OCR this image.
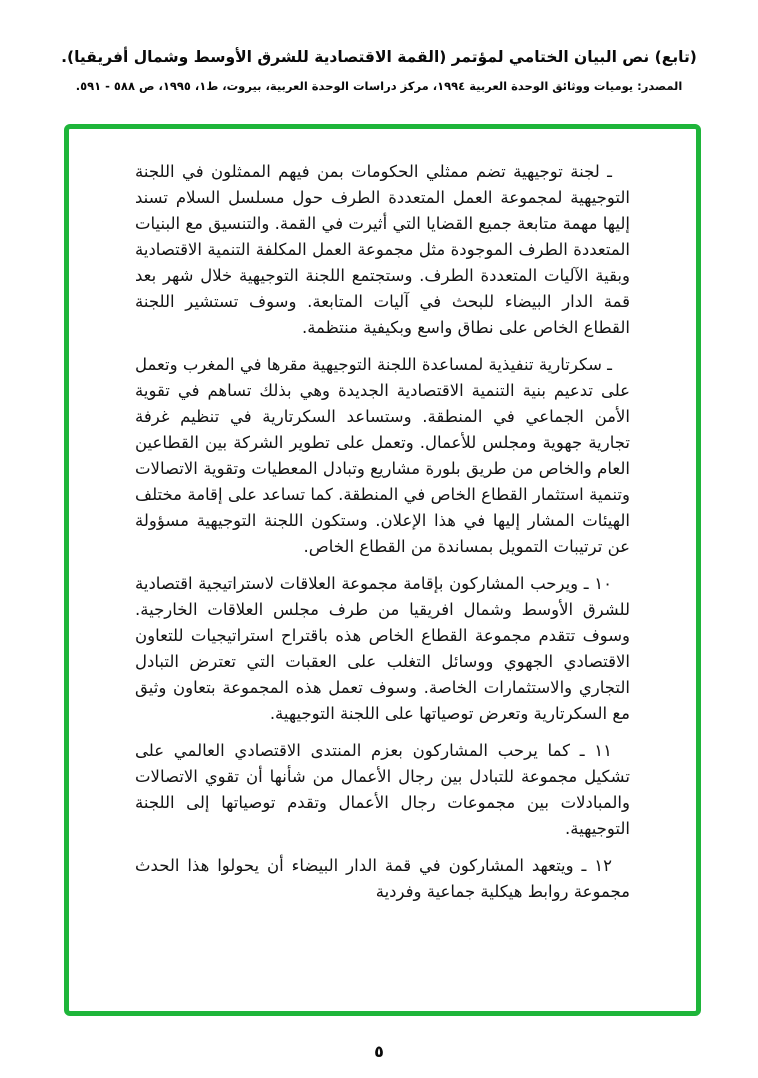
(تابع) نص البيان الختامي لمؤتمر (القمة الاقتصادية للشرق الأوسط وشمال أفريقيا).
المصدر: يوميات ووثائق الوحدة العربية ١٩٩٤، مركز دراسات الوحدة العربية، بيروت، ط١، ١٩٩٥، ص ٥٨٨ - ٥٩١.
ـ لجنة توجيهية تضم ممثلي الحكومات بمن فيهم الممثلون في اللجنة التوجيهية لمجموعة العمل المتعددة الطرف حول مسلسل السلام تسند إليها مهمة متابعة جميع القضايا التي أثيرت في القمة. والتنسيق مع البنيات المتعددة الطرف الموجودة مثل مجموعة العمل المكلفة التنمية الاقتصادية وبقية الآليات المتعددة الطرف. وستجتمع اللجنة التوجيهية خلال شهر بعد قمة الدار البيضاء للبحث في آليات المتابعة. وسوف تستشير اللجنة القطاع الخاص على نطاق واسع وبكيفية منتظمة.
ـ سكرتارية تنفيذية لمساعدة اللجنة التوجيهية مقرها في المغرب وتعمل على تدعيم بنية التنمية الاقتصادية الجديدة وهي بذلك تساهم في تقوية الأمن الجماعي في المنطقة. وستساعد السكرتارية في تنظيم غرفة تجارية جهوية ومجلس للأعمال. وتعمل على تطوير الشركة بين القطاعين العام والخاص من طريق بلورة مشاريع وتبادل المعطيات وتقوية الاتصالات وتنمية استثمار القطاع الخاص في المنطقة. كما تساعد على إقامة مختلف الهيئات المشار إليها في هذا الإعلان. وستكون اللجنة التوجيهية مسؤولة عن ترتيبات التمويل بمساندة من القطاع الخاص.
١٠ ـ ويرحب المشاركون بإقامة مجموعة العلاقات لاستراتيجية اقتصادية للشرق الأوسط وشمال افريقيا من طرف مجلس العلاقات الخارجية. وسوف تتقدم مجموعة القطاع الخاص هذه باقتراح استراتيجيات للتعاون الاقتصادي الجهوي ووسائل التغلب على العقبات التي تعترض التبادل التجاري والاستثمارات الخاصة. وسوف تعمل هذه المجموعة بتعاون وثيق مع السكرتارية وتعرض توصياتها على اللجنة التوجيهية.
١١ ـ كما يرحب المشاركون بعزم المنتدى الاقتصادي العالمي على تشكيل مجموعة للتبادل بين رجال الأعمال من شأنها أن تقوي الاتصالات والمبادلات بين مجموعات رجال الأعمال وتقدم توصياتها إلى اللجنة التوجيهية.
١٢ ـ ويتعهد المشاركون في قمة الدار البيضاء أن يحولوا هذا الحدث مجموعة روابط هيكلية جماعية وفردية
٥
